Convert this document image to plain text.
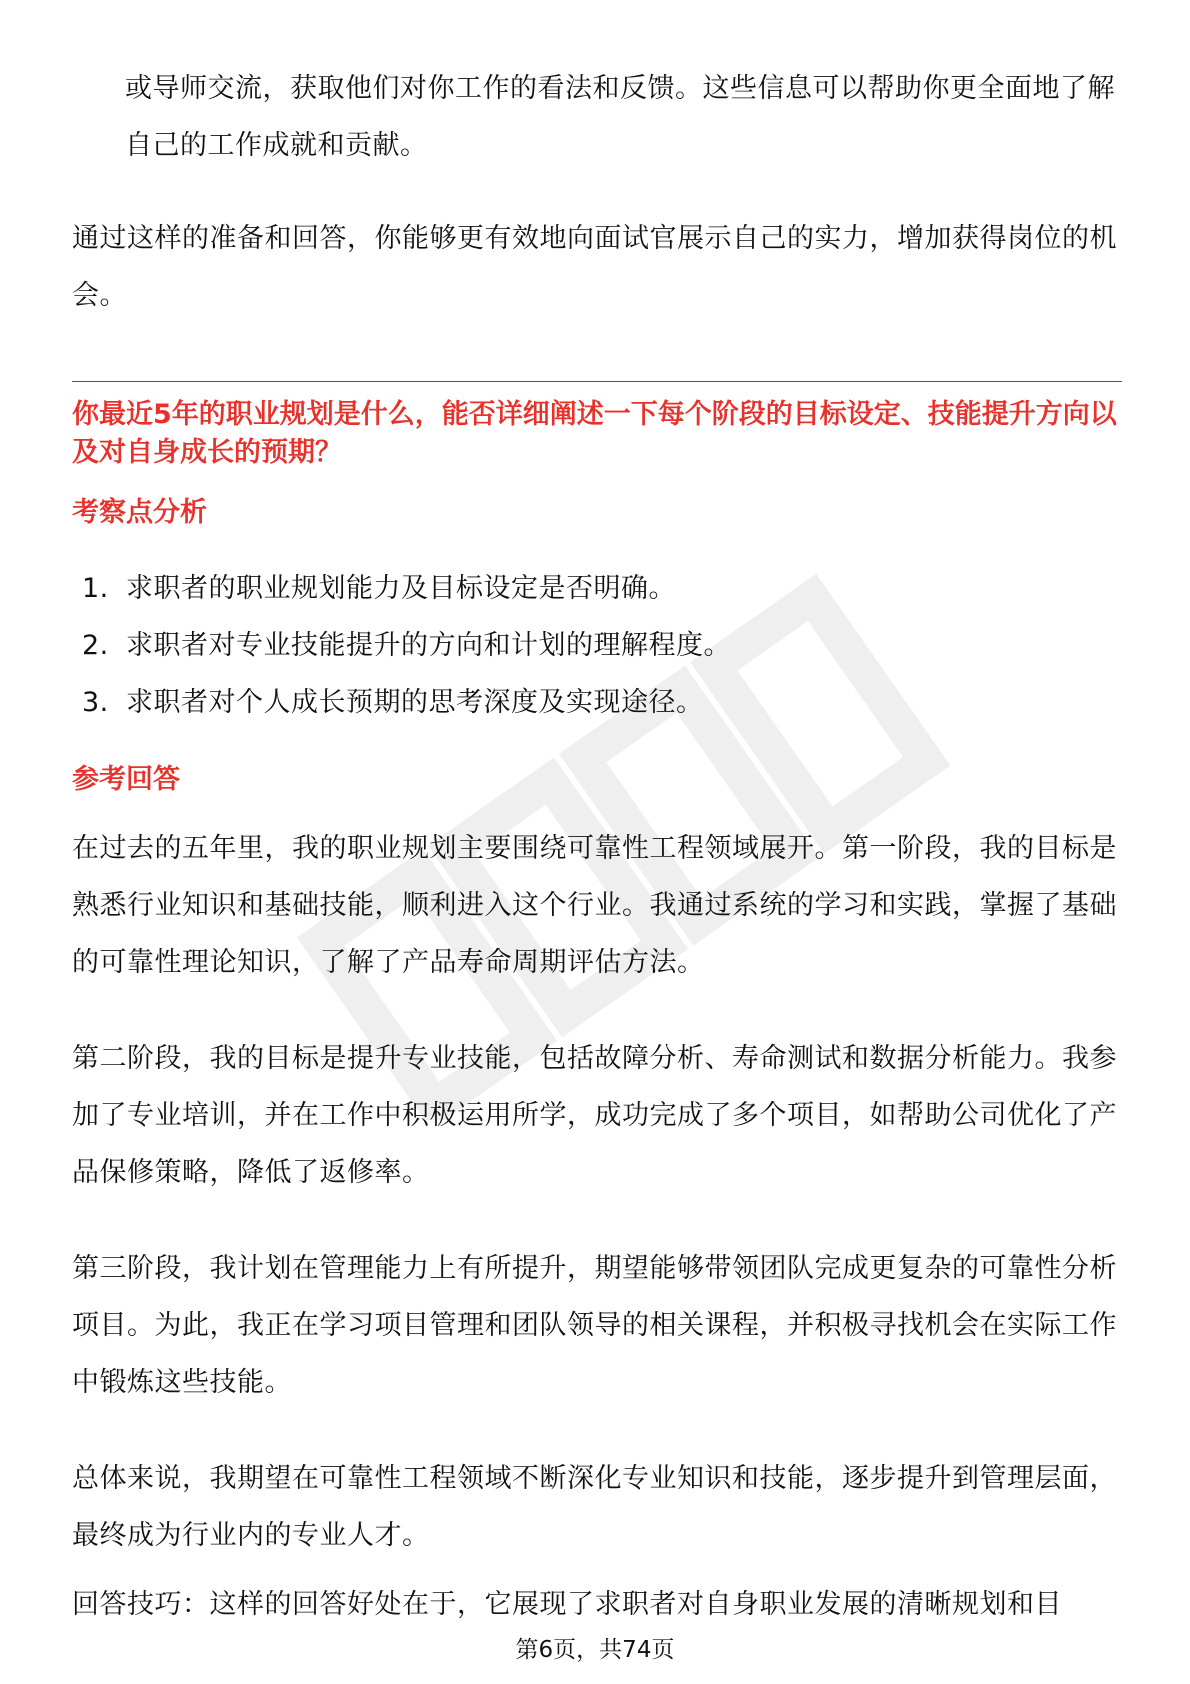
或导师交流，获取他们对你工作的看法和反馈。这些信息可以帮助你更全面地了解自己的工作成就和贡献。

通过这样的准备和回答，你能够更有效地向面试官展示自己的实力，增加获得岗位的机会。

你最近5年的职业规划是什么，能否详细阐述一下每个阶段的目标设定、技能提升方向以及对自身成长的预期？

考察点分析

1. 求职者的职业规划能力及目标设定是否明确。
2. 求职者对专业技能提升的方向和计划的理解程度。
3. 求职者对个人成长预期的思考深度及实现途径。

参考回答

在过去的五年里，我的职业规划主要围绕可靠性工程领域展开。第一阶段，我的目标是熟悉行业知识和基础技能，顺利进入这个行业。我通过系统的学习和实践，掌握了基础的可靠性理论知识，了解了产品寿命周期评估方法。

第二阶段，我的目标是提升专业技能，包括故障分析、寿命测试和数据分析能力。我参加了专业培训，并在工作中积极运用所学，成功完成了多个项目，如帮助公司优化了产品保修策略，降低了返修率。

第三阶段，我计划在管理能力上有所提升，期望能够带领团队完成更复杂的可靠性分析项目。为此，我正在学习项目管理和团队领导的相关课程，并积极寻找机会在实际工作中锻炼这些技能。

总体来说，我期望在可靠性工程领域不断深化专业知识和技能，逐步提升到管理层面，最终成为行业内的专业人才。

回答技巧：这样的回答好处在于，它展现了求职者对自身职业发展的清晰规划和目

第6页，共74页
